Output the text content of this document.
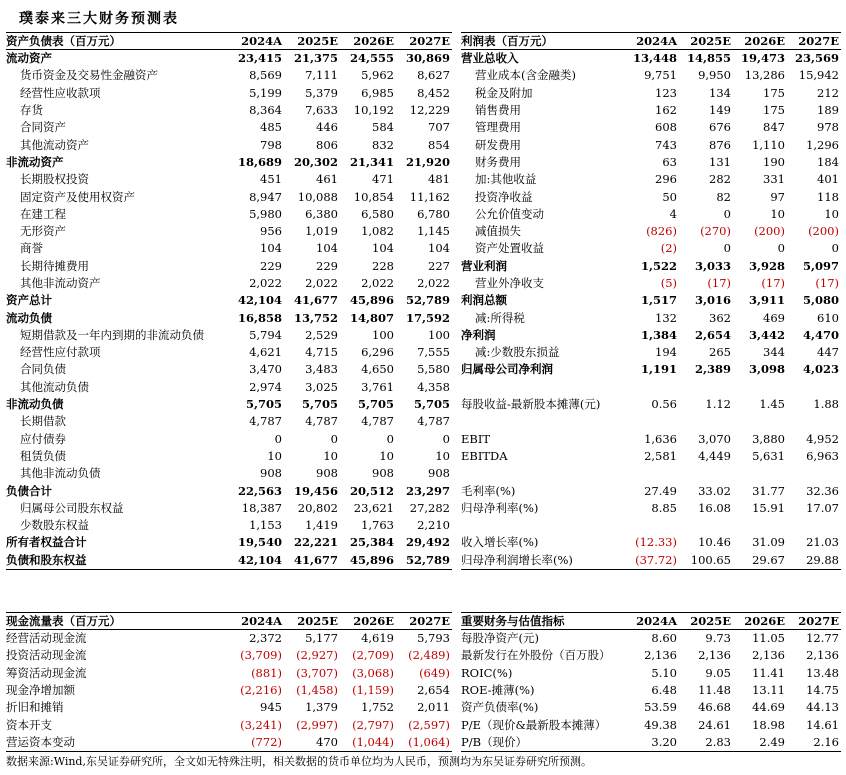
璞泰来三大财务预测表
资产负债表（百万元）	2024A	2025E	2026E	2027E
流动资产	23,415	21,375	24,555	30,869
货币资金及交易性金融资产	8,569	7,111	5,962	8,627
经营性应收款项	5,199	5,379	6,985	8,452
存货	8,364	7,633	10,192	12,229
合同资产	485	446	584	707
其他流动资产	798	806	832	854
非流动资产	18,689	20,302	21,341	21,920
长期股权投资	451	461	471	481
固定资产及使用权资产	8,947	10,088	10,854	11,162
在建工程	5,980	6,380	6,580	6,780
无形资产	956	1,019	1,082	1,145
商誉	104	104	104	104
长期待摊费用	229	229	228	227
其他非流动资产	2,022	2,022	2,022	2,022
资产总计	42,104	41,677	45,896	52,789
流动负债	16,858	13,752	14,807	17,592
短期借款及一年内到期的非流动负债	5,794	2,529	100	100
经营性应付款项	4,621	4,715	6,296	7,555
合同负债	3,470	3,483	4,650	5,580
其他流动负债	2,974	3,025	3,761	4,358
非流动负债	5,705	5,705	5,705	5,705
长期借款	4,787	4,787	4,787	4,787
应付债券	0	0	0	0
租赁负债	10	10	10	10
其他非流动负债	908	908	908	908
负债合计	22,563	19,456	20,512	23,297
归属母公司股东权益	18,387	20,802	23,621	27,282
少数股东权益	1,153	1,419	1,763	2,210
所有者权益合计	19,540	22,221	25,384	29,492
负债和股东权益	42,104	41,677	45,896	52,789
利润表（百万元）	2024A	2025E	2026E	2027E
营业总收入	13,448	14,855	19,473	23,569
营业成本(含金融类)	9,751	9,950	13,286	15,942
税金及附加	123	134	175	212
销售费用	162	149	175	189
管理费用	608	676	847	978
研发费用	743	876	1,110	1,296
财务费用	63	131	190	184
加:其他收益	296	282	331	401
投资净收益	50	82	97	118
公允价值变动	4	0	10	10
减值损失	(826)	(270)	(200)	(200)
资产处置收益	(2)	0	0	0
营业利润	1,522	3,033	3,928	5,097
营业外净收支	(5)	(17)	(17)	(17)
利润总额	1,517	3,016	3,911	5,080
减:所得税	132	362	469	610
净利润	1,384	2,654	3,442	4,470
减:少数股东损益	194	265	344	447
归属母公司净利润	1,191	2,389	3,098	4,023

每股收益-最新股本摊薄(元)	0.56	1.12	1.45	1.88

EBIT	1,636	3,070	3,880	4,952
EBITDA	2,581	4,449	5,631	6,963

毛利率(%)	27.49	33.02	31.77	32.36
归母净利率(%)	8.85	16.08	15.91	17.07

收入增长率(%)	(12.33)	10.46	31.09	21.03
归母净利润增长率(%)	(37.72)	100.65	29.67	29.88
现金流量表（百万元）	2024A	2025E	2026E	2027E
经营活动现金流	2,372	5,177	4,619	5,793
投资活动现金流	(3,709)	(2,927)	(2,709)	(2,489)
筹资活动现金流	(881)	(3,707)	(3,068)	(649)
现金净增加额	(2,216)	(1,458)	(1,159)	2,654
折旧和摊销	945	1,379	1,752	2,011
资本开支	(3,241)	(2,997)	(2,797)	(2,597)
营运资本变动	(772)	470	(1,044)	(1,064)
重要财务与估值指标	2024A	2025E	2026E	2027E
每股净资产(元)	8.60	9.73	11.05	12.77
最新发行在外股份（百万股）	2,136	2,136	2,136	2,136
ROIC(%)	5.10	9.05	11.41	13.48
ROE-摊薄(%)	6.48	11.48	13.11	14.75
资产负债率(%)	53.59	46.68	44.69	44.13
P/E（现价&最新股本摊薄）	49.38	24.61	18.98	14.61
P/B（现价）	3.20	2.83	2.49	2.16
数据来源:Wind,东吴证券研究所，全文如无特殊注明，相关数据的货币单位均为人民币，预测均为东吴证券研究所预测。
